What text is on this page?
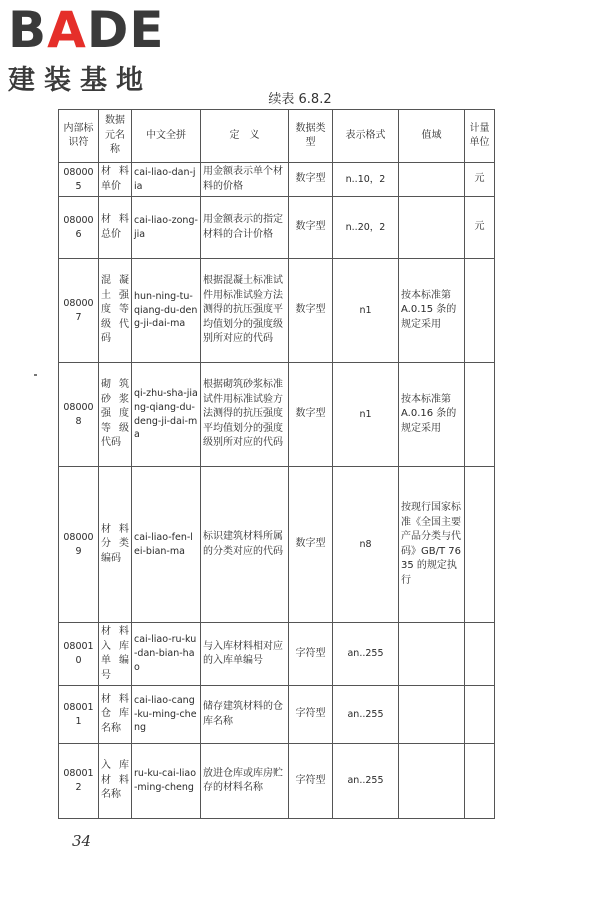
BADE
建装基地
续表 6.8.2
内部标识符	数据元名称	中文全拼	定　义	数据类型	表示格式	值域	计量单位
080005	材料单价	cai-liao-dan-jia	用金额表示单个材料的价格	数字型	n..10，2		元
080006	材料总价	cai-liao-zong-jia	用金额表示的指定材料的合计价格	数字型	n..20，2		元
080007	混凝土强度等级代码	hun-ning-tu-qiang-du-deng-ji-dai-ma	根据混凝土标准试件用标准试验方法测得的抗压强度平均值划分的强度级别所对应的代码	数字型	n1	按本标准第 A.0.15 条的规定采用	
080008	砌筑砂浆强度等级代码	qi-zhu-sha-jiang-qiang-du-deng-ji-dai-ma	根据砌筑砂浆标准试件用标准试验方法测得的抗压强度平均值划分的强度级别所对应的代码	数字型	n1	按本标准第 A.0.16 条的规定采用	
080009	材料分类编码	cai-liao-fen-lei-bian-ma	标识建筑材料所属的分类对应的代码	数字型	n8	按现行国家标准《全国主要产品分类与代码》GB/T 7635 的规定执行	
080010	材料入库单编号	cai-liao-ru-ku-dan-bian-hao	与入库材料相对应的入库单编号	字符型	an..255		
080011	材料仓库名称	cai-liao-cang-ku-ming-cheng	储存建筑材料的仓库名称	字符型	an..255		
080012	入库材料名称	ru-ku-cai-liao-ming-cheng	放进仓库或库房贮存的材料名称	字符型	an..255		
34
